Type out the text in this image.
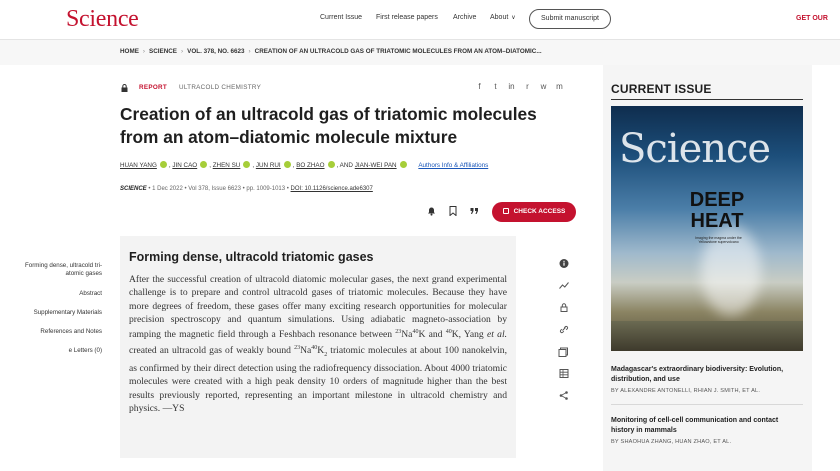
Science	Current Issue First release papers Archive About ∨	Submit manuscript	GET OUR
HOME › SCIENCE › VOL. 378, NO. 6623 › CREATION OF AN ULTRACOLD GAS OF TRIATOMIC MOLECULES FROM AN ATOM–DIATOMIC...
REPORT ULTRACOLD CHEMISTRY	f	t	in	r	w m
Creation of an ultracold gas of triatomic molecules from an atom–diatomic molecule mixture
HUAN YANG , JIN CAO , ZHEN SU , JUN RUI , BO ZHAO , AND JIAN-WEI PAN	Authors Info & Affiliations
SCIENCE • 1 Dec 2022 • Vol 378, Issue 6623 • pp. 1009-1013 • DOI: 10.1126/science.ade6307
CHECK ACCESS
Forming dense, ultracold tri-
atomic gases
Abstract
Supplementary Materials
References and Notes
e Letters (0)
Forming dense, ultracold triatomic gases

After the successful creation of ultracold diatomic molecular gases, the next grand experimental challenge is to prepare and control ultracold gases of triatomic molecules. Because they have more degrees of freedom, these gases offer many exciting research opportunities for molecular precision spectroscopy and quantum simulations. Using adiabatic magneto-association by ramping the magnetic field through a Feshbach resonance between $^{23}$Na$^{40}$K and $^{40}$K, Yang et al. created an ultracold gas of weakly bound $^{23}Na^{40}K_2$ triatomic molecules at about 100 nanokelvin, as confirmed by their direct detection using the radiofrequency dissociation. About 4000 triatomic molecules were created with a high peak density 10 orders of magnitude higher than the best results previously reported, representing an important milestone in ultracold chemistry and physics. —YS

CURRENT ISSUE
Science
DEEP
HEAT
Imaging the magma under the Yellowstone supervolcano
Madagascar's extraordinary biodiversity: Evolution, distribution, and use
BY ALEXANDRE ANTONELLI, RHIAN J. SMITH, ET AL.
Monitoring of cell-cell communication and contact history in mammals
BY SHAOHUA ZHANG, HUAN ZHAO, ET AL.
